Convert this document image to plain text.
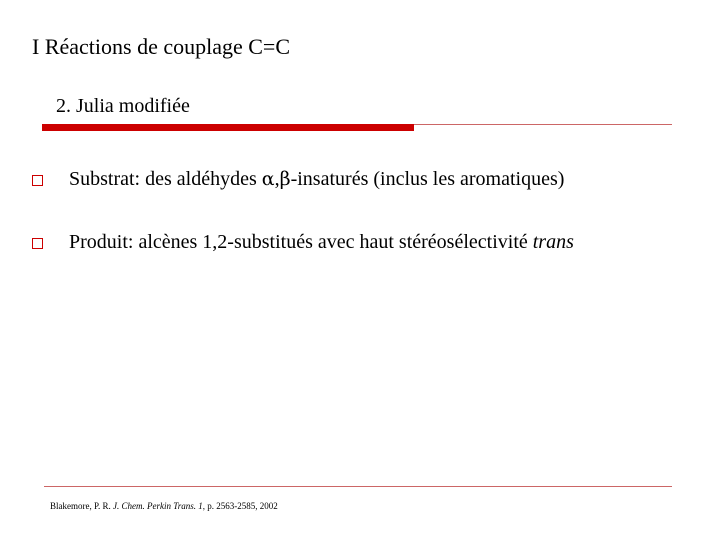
I Réactions de couplage C=C
2. Julia modifiée
Substrat: des aldéhydes α,β-insaturés (inclus les aromatiques)
Produit: alcènes 1,2-substitués avec haut stéréosélectivité trans
Blakemore, P. R. J. Chem. Perkin Trans. 1, p. 2563-2585, 2002
